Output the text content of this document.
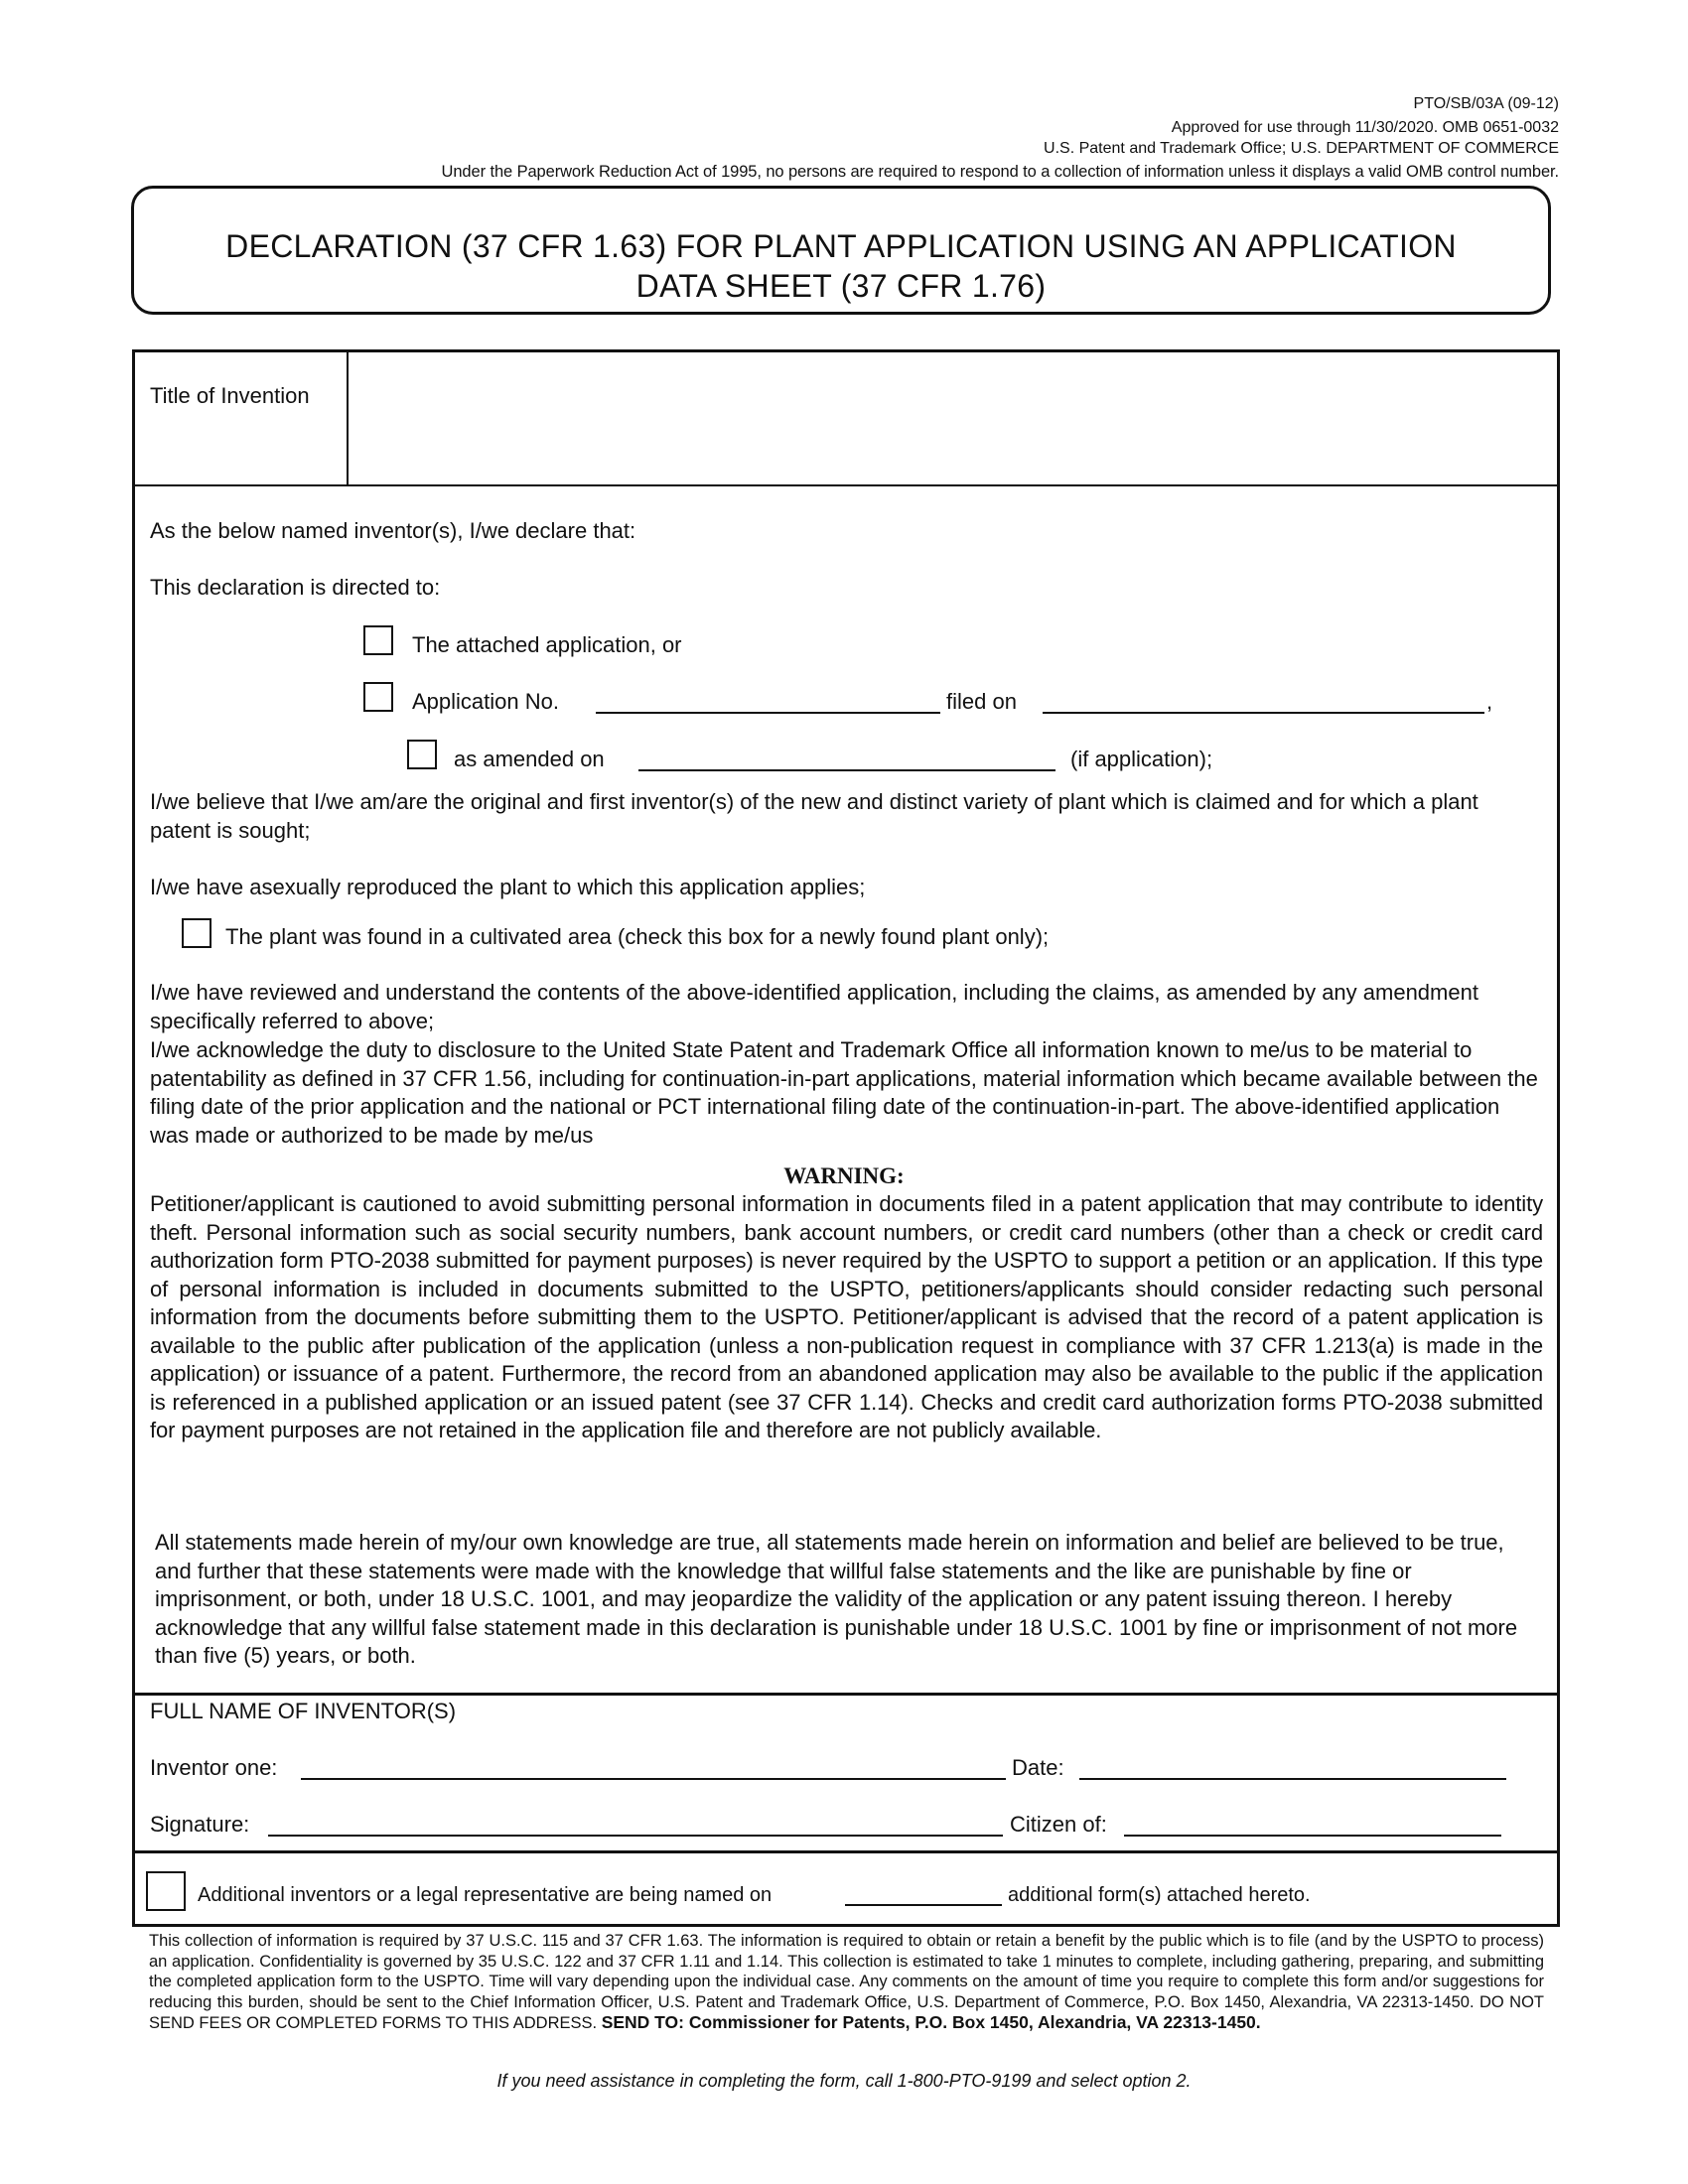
PTO/SB/03A (09-12)
Approved for use through 11/30/2020. OMB 0651-0032
U.S. Patent and Trademark Office; U.S. DEPARTMENT OF COMMERCE
Under the Paperwork Reduction Act of 1995, no persons are required to respond to a collection of information unless it displays a valid OMB control number.
DECLARATION (37 CFR 1.63) FOR PLANT APPLICATION USING AN APPLICATION
DATA SHEET (37 CFR 1.76)
Title of Invention
As the below named inventor(s), I/we declare that:
This declaration is directed to:
The attached application, or
Application No.	filed on	,
as amended on	(if application);
I/we believe that I/we am/are the original and first inventor(s) of the new and distinct variety of plant which is claimed and for which a plant patent is sought;
I/we have asexually reproduced the plant to which this application applies;
The plant was found in a cultivated area (check this box for a newly found plant only);
I/we have reviewed and understand the contents of the above-identified application, including the claims, as amended by any amendment specifically referred to above;
I/we acknowledge the duty to disclosure to the United State Patent and Trademark Office all information known to me/us to be material to patentability as defined in 37 CFR 1.56, including for continuation-in-part applications, material information which became available between the filing date of the prior application and the national or PCT international filing date of the continuation-in-part. The above-identified application was made or authorized to be made by me/us
WARNING:
Petitioner/applicant is cautioned to avoid submitting personal information in documents filed in a patent application that may contribute to identity theft. Personal information such as social security numbers, bank account numbers, or credit card numbers (other than a check or credit card authorization form PTO-2038 submitted for payment purposes) is never required by the USPTO to support a petition or an application. If this type of personal information is included in documents submitted to the USPTO, petitioners/applicants should consider redacting such personal information from the documents before submitting them to the USPTO. Petitioner/applicant is advised that the record of a patent application is available to the public after publication of the application (unless a non-publication request in compliance with 37 CFR 1.213(a) is made in the application) or issuance of a patent. Furthermore, the record from an abandoned application may also be available to the public if the application is referenced in a published application or an issued patent (see 37 CFR 1.14). Checks and credit card authorization forms PTO-2038 submitted for payment purposes are not retained in the application file and therefore are not publicly available.
All statements made herein of my/our own knowledge are true, all statements made herein on information and belief are believed to be true, and further that these statements were made with the knowledge that willful false statements and the like are punishable by fine or imprisonment, or both, under 18 U.S.C. 1001, and may jeopardize the validity of the application or any patent issuing thereon. I hereby acknowledge that any willful false statement made in this declaration is punishable under 18 U.S.C. 1001 by fine or imprisonment of not more than five (5) years, or both.
FULL NAME OF INVENTOR(S)
Inventor one:	Date:
Signature:	Citizen of:
Additional inventors or a legal representative are being named on	additional form(s) attached hereto.
This collection of information is required by 37 U.S.C. 115 and 37 CFR 1.63. The information is required to obtain or retain a benefit by the public which is to file (and by the USPTO to process) an application. Confidentiality is governed by 35 U.S.C. 122 and 37 CFR 1.11 and 1.14. This collection is estimated to take 1 minutes to complete, including gathering, preparing, and submitting the completed application form to the USPTO. Time will vary depending upon the individual case. Any comments on the amount of time you require to complete this form and/or suggestions for reducing this burden, should be sent to the Chief Information Officer, U.S. Patent and Trademark Office, U.S. Department of Commerce, P.O. Box 1450, Alexandria, VA 22313-1450. DO NOT SEND FEES OR COMPLETED FORMS TO THIS ADDRESS. SEND TO: Commissioner for Patents, P.O. Box 1450, Alexandria, VA 22313-1450.
If you need assistance in completing the form, call 1-800-PTO-9199 and select option 2.
